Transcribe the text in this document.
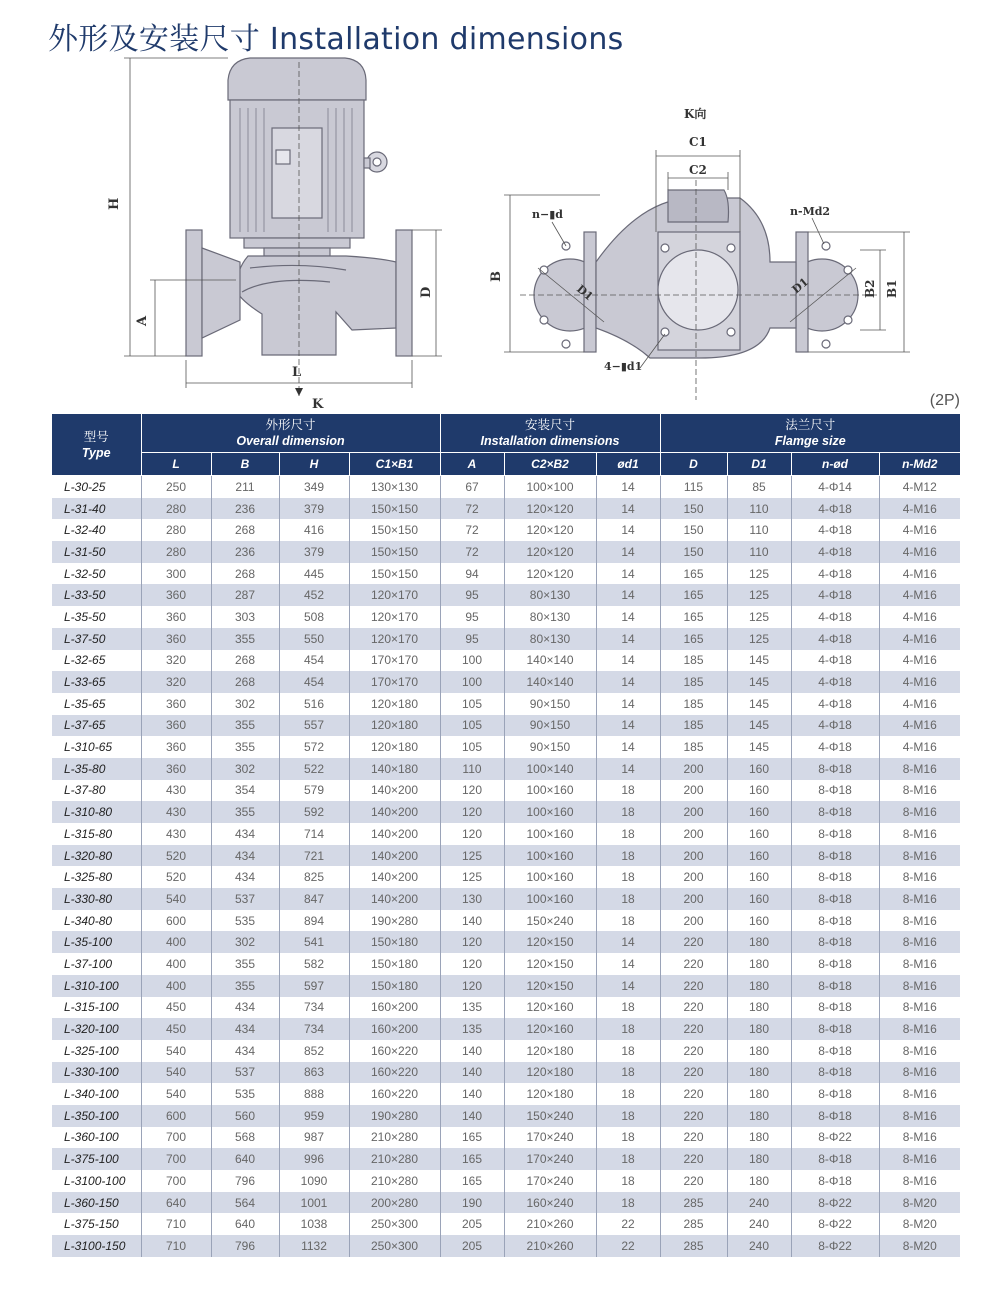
外形及安装尺寸 Installation dimensions
H
A
D
L
K
K向
C1
C2
B
B2 B1
n−▮d	n-Md2
4−▮d1
D1	D1
(2P)
型号
Type	外形尺寸
Overall dimension				安装尺寸
Installation dimensions			法兰尺寸
Flamge size			
	L	B	H	C1×B1	A	C2×B2	ød1	D	D1	n-ød	n-Md2
L-30-25	250	211	349	130×130	67	100×100	14	115	85	4-Φ14	4-M12
L-31-40	280	236	379	150×150	72	120×120	14	150	110	4-Φ18	4-M16
L-32-40	280	268	416	150×150	72	120×120	14	150	110	4-Φ18	4-M16
L-31-50	280	236	379	150×150	72	120×120	14	150	110	4-Φ18	4-M16
L-32-50	300	268	445	150×150	94	120×120	14	165	125	4-Φ18	4-M16
L-33-50	360	287	452	120×170	95	80×130	14	165	125	4-Φ18	4-M16
L-35-50	360	303	508	120×170	95	80×130	14	165	125	4-Φ18	4-M16
L-37-50	360	355	550	120×170	95	80×130	14	165	125	4-Φ18	4-M16
L-32-65	320	268	454	170×170	100	140×140	14	185	145	4-Φ18	4-M16
L-33-65	320	268	454	170×170	100	140×140	14	185	145	4-Φ18	4-M16
L-35-65	360	302	516	120×180	105	90×150	14	185	145	4-Φ18	4-M16
L-37-65	360	355	557	120×180	105	90×150	14	185	145	4-Φ18	4-M16
L-310-65	360	355	572	120×180	105	90×150	14	185	145	4-Φ18	4-M16
L-35-80	360	302	522	140×180	110	100×140	14	200	160	8-Φ18	8-M16
L-37-80	430	354	579	140×200	120	100×160	18	200	160	8-Φ18	8-M16
L-310-80	430	355	592	140×200	120	100×160	18	200	160	8-Φ18	8-M16
L-315-80	430	434	714	140×200	120	100×160	18	200	160	8-Φ18	8-M16
L-320-80	520	434	721	140×200	125	100×160	18	200	160	8-Φ18	8-M16
L-325-80	520	434	825	140×200	125	100×160	18	200	160	8-Φ18	8-M16
L-330-80	540	537	847	140×200	130	100×160	18	200	160	8-Φ18	8-M16
L-340-80	600	535	894	190×280	140	150×240	18	200	160	8-Φ18	8-M16
L-35-100	400	302	541	150×180	120	120×150	14	220	180	8-Φ18	8-M16
L-37-100	400	355	582	150×180	120	120×150	14	220	180	8-Φ18	8-M16
L-310-100	400	355	597	150×180	120	120×150	14	220	180	8-Φ18	8-M16
L-315-100	450	434	734	160×200	135	120×160	18	220	180	8-Φ18	8-M16
L-320-100	450	434	734	160×200	135	120×160	18	220	180	8-Φ18	8-M16
L-325-100	540	434	852	160×220	140	120×180	18	220	180	8-Φ18	8-M16
L-330-100	540	537	863	160×220	140	120×180	18	220	180	8-Φ18	8-M16
L-340-100	540	535	888	160×220	140	120×180	18	220	180	8-Φ18	8-M16
L-350-100	600	560	959	190×280	140	150×240	18	220	180	8-Φ18	8-M16
L-360-100	700	568	987	210×280	165	170×240	18	220	180	8-Φ22	8-M16
L-375-100	700	640	996	210×280	165	170×240	18	220	180	8-Φ18	8-M16
L-3100-100	700	796	1090	210×280	165	170×240	18	220	180	8-Φ18	8-M16
L-360-150	640	564	1001	200×280	190	160×240	18	285	240	8-Φ22	8-M20
L-375-150	710	640	1038	250×300	205	210×260	22	285	240	8-Φ22	8-M20
L-3100-150	710	796	1132	250×300	205	210×260	22	285	240	8-Φ22	8-M20
